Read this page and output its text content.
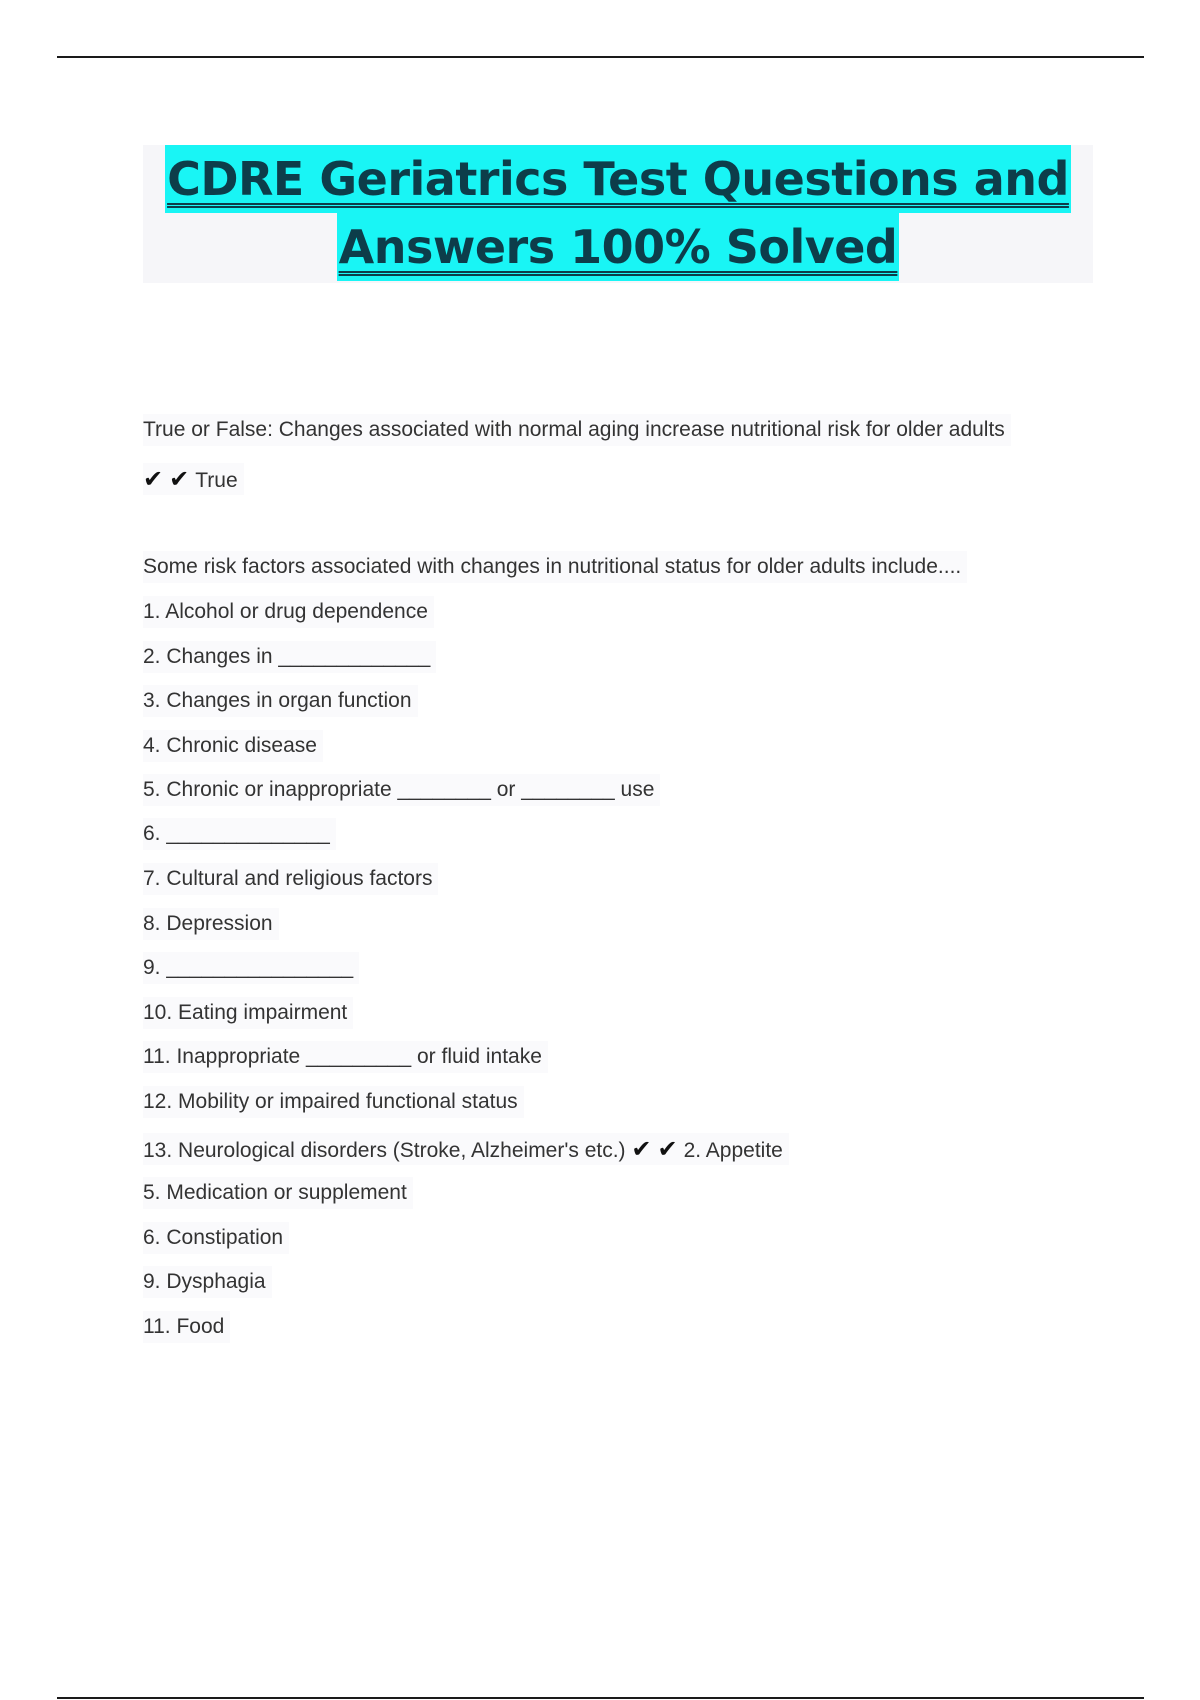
CDRE Geriatrics Test Questions and
Answers 100% Solved
True or False: Changes associated with normal aging increase nutritional risk for older adults
✔ ✔ True
Some risk factors associated with changes in nutritional status for older adults include....
1. Alcohol or drug dependence
2. Changes in _____________
3. Changes in organ function
4. Chronic disease
5. Chronic or inappropriate ________ or ________ use
6. ______________
7. Cultural and religious factors
8. Depression
9. ________________
10. Eating impairment
11. Inappropriate _________ or fluid intake
12. Mobility or impaired functional status
13. Neurological disorders (Stroke, Alzheimer's etc.) ✔ ✔ 2. Appetite
5. Medication or supplement
6. Constipation
9. Dysphagia
11. Food
